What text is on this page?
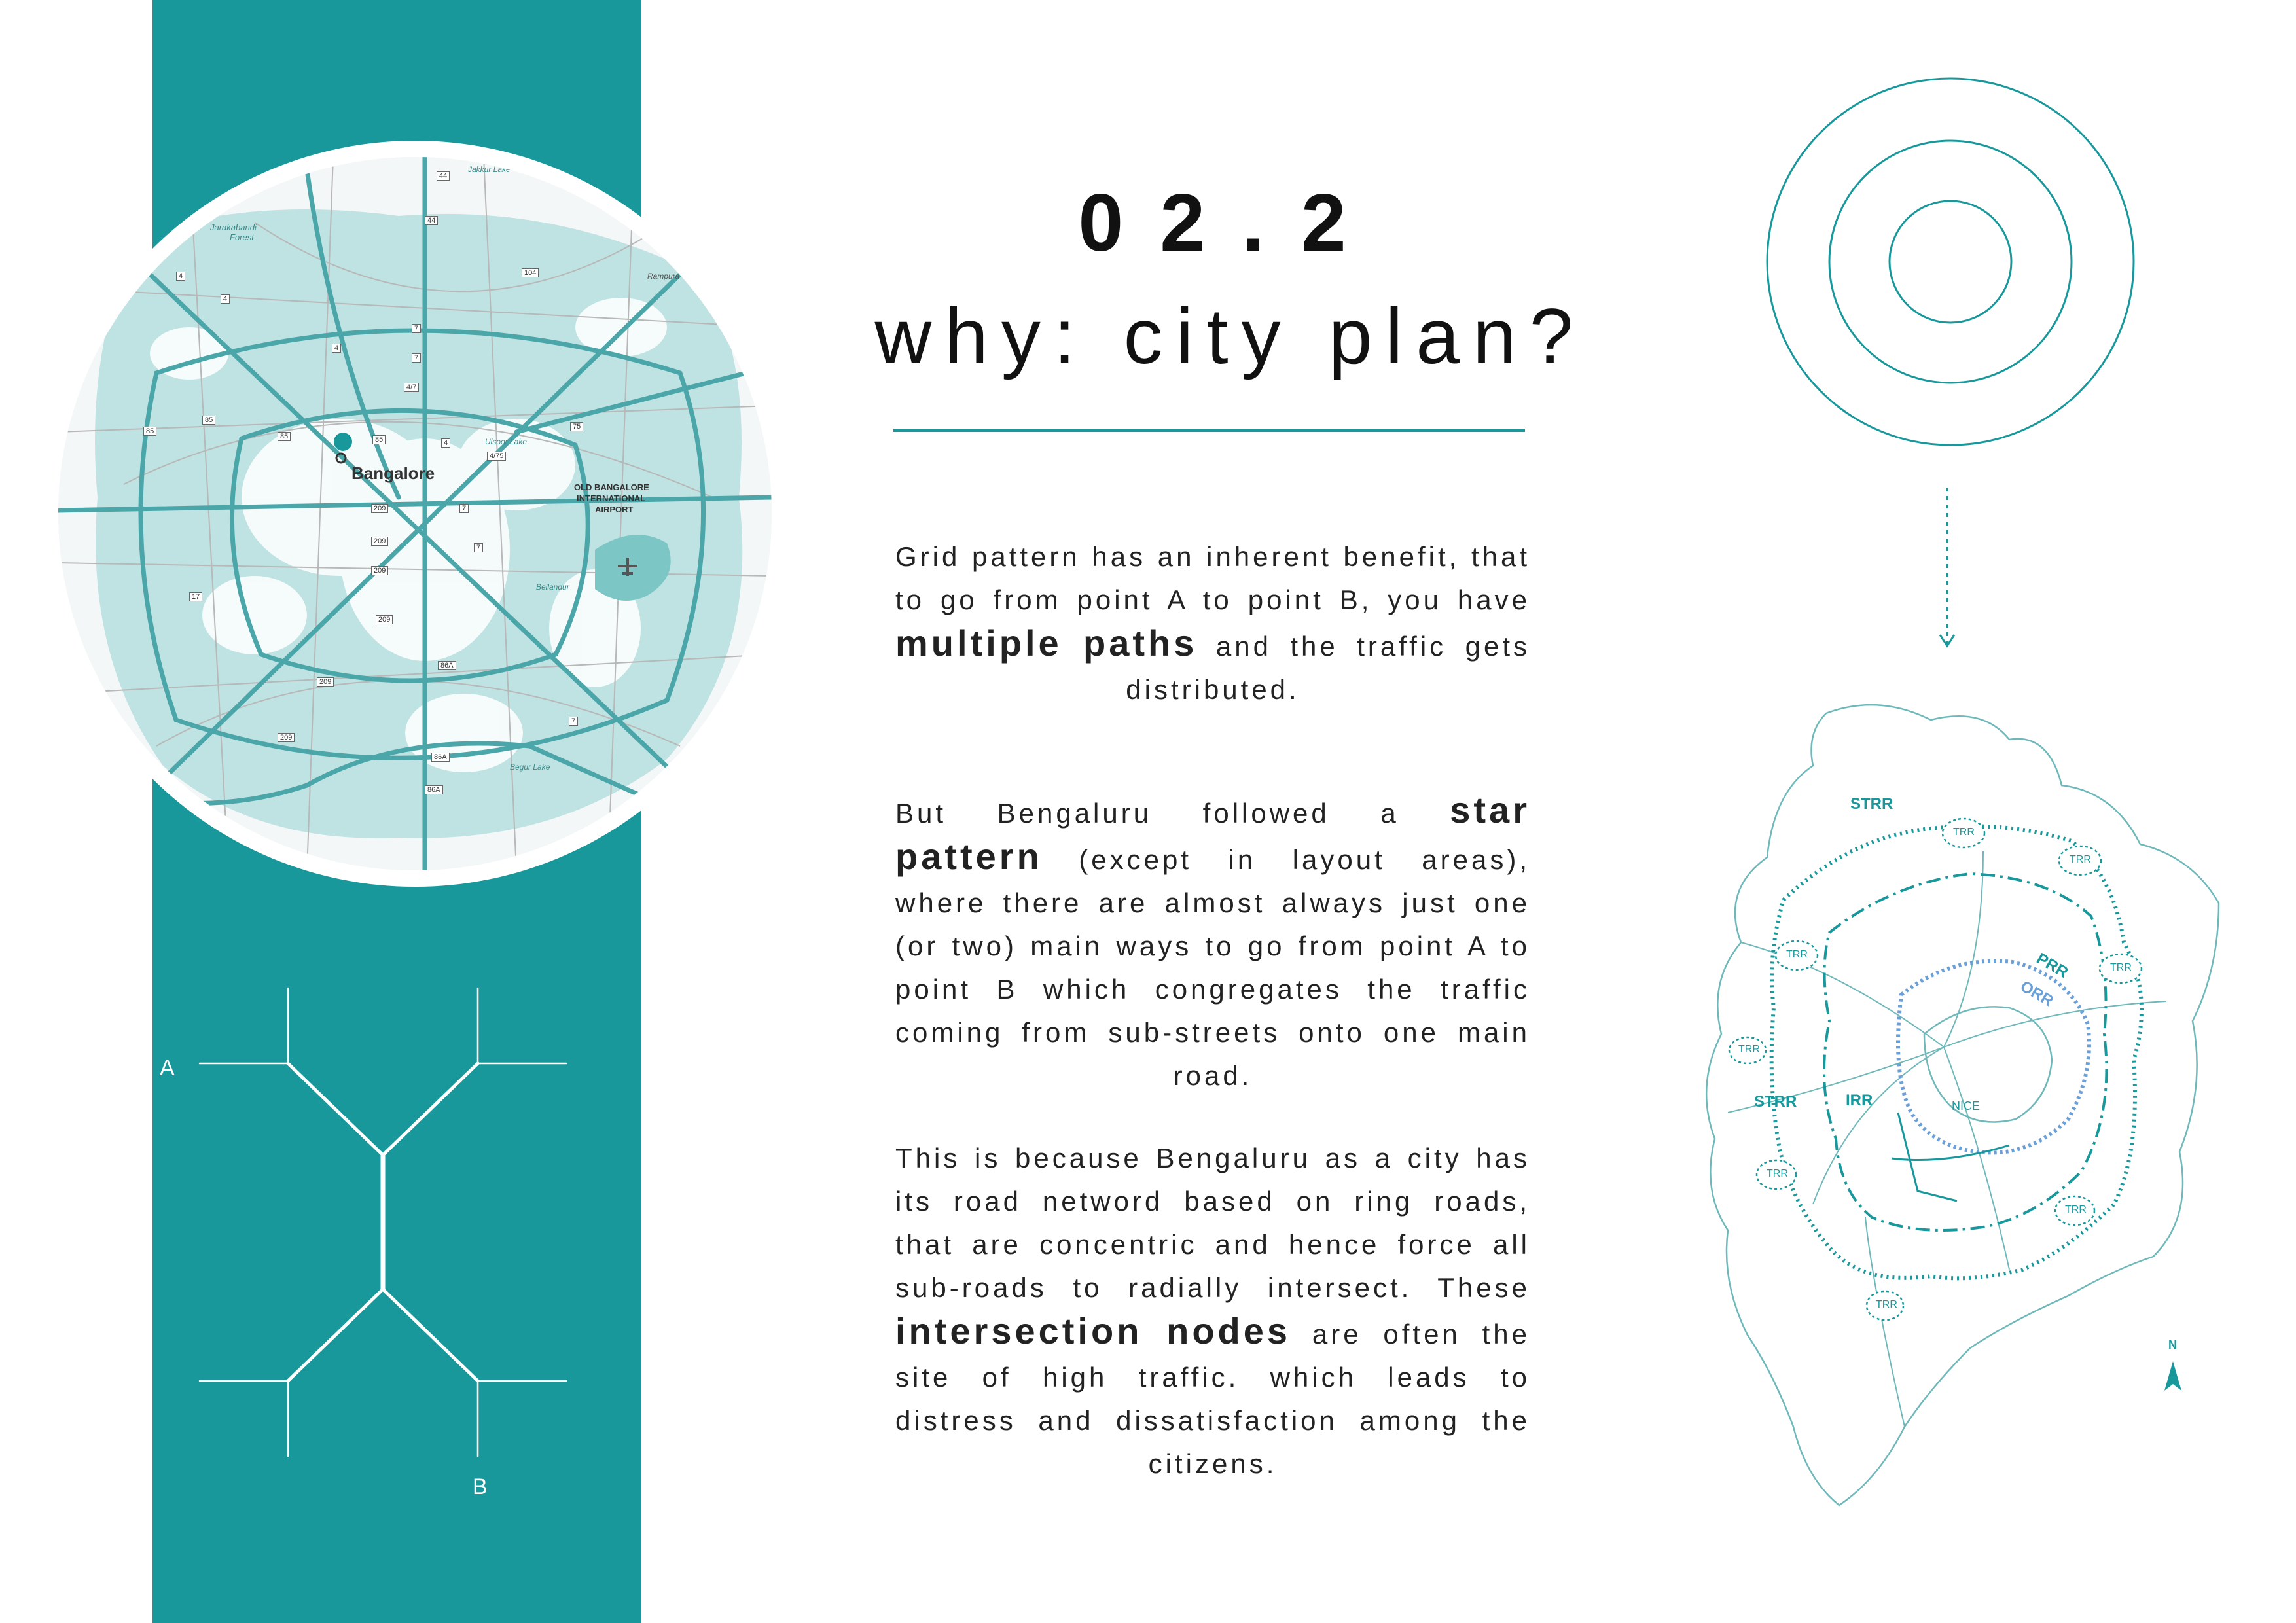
Bangalore
OLD BANGALORE
INTERNATIONAL
AIRPORT
Jarakabandi
Forest
Jakkur Lake
Ulsoor Lake
Begur Lake
Bellandur
Rampura
44
44
104
4
4
4
7
7
4/7
85
85
85	85	4
4/75
75
7
209
209
209
7
17
209
86A
209
209
86A
86A
7
A
B
02.2
why: city plan?
Grid pattern has an inherent benefit, that to go from point A to point B, you have multiple paths and the traffic gets distributed.
But Bengaluru followed a star pattern (except in layout areas), where there are almost always just one (or two) main ways to go from point A to point B which congregates the traffic coming from sub-streets onto one main road.
This is because Bengaluru as a city has its road netword based on ring roads, that are concentric and hence force all sub-roads to radially intersect. These intersection nodes are often the site of high traffic. which leads to distress and dissatisfaction among the citizens.
STRR
STRR
PRR
ORR
IRR	NICE
TRR
TRR
TRR
TRR
TRR
TRR
TRR
TRR
N
